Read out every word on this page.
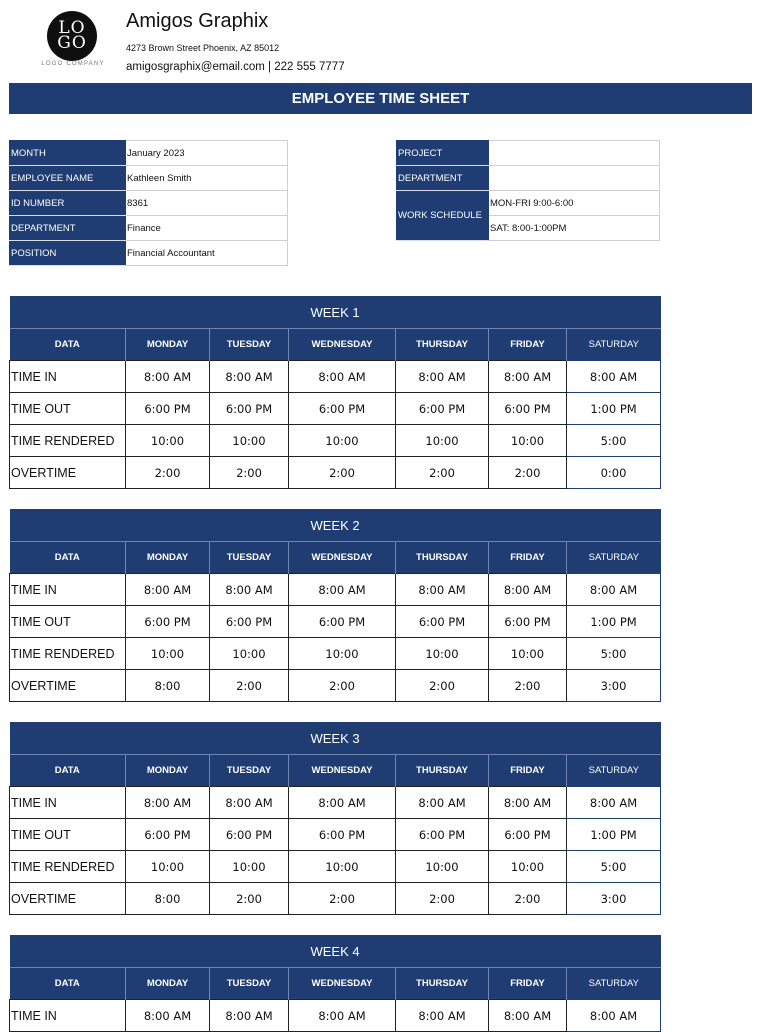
LO
GO
LOGO COMPANY
Amigos Graphix
4273 Brown Street Phoenix, AZ 85012
amigosgraphix@email.com | 222 555 7777
EMPLOYEE TIME SHEET
MONTH	January 2023
EMPLOYEE NAME	Kathleen Smith
ID NUMBER	8361
DEPARTMENT	Finance
POSITION	Financial Accountant
PROJECT	
DEPARTMENT	
WORK SCHEDULE	MON-FRI 9:00-6:00
	SAT: 8:00-1:00PM
WEEK 1						
DATA	MONDAY	TUESDAY	WEDNESDAY	THURSDAY	FRIDAY	SATURDAY
TIME IN	8:00 AM	8:00 AM	8:00 AM	8:00 AM	8:00 AM	8:00 AM
TIME OUT	6:00 PM	6:00 PM	6:00 PM	6:00 PM	6:00 PM	1:00 PM
TIME RENDERED	10:00	10:00	10:00	10:00	10:00	5:00
OVERTIME	2:00	2:00	2:00	2:00	2:00	0:00
WEEK 2						
DATA	MONDAY	TUESDAY	WEDNESDAY	THURSDAY	FRIDAY	SATURDAY
TIME IN	8:00 AM	8:00 AM	8:00 AM	8:00 AM	8:00 AM	8:00 AM
TIME OUT	6:00 PM	6:00 PM	6:00 PM	6:00 PM	6:00 PM	1:00 PM
TIME RENDERED	10:00	10:00	10:00	10:00	10:00	5:00
OVERTIME	8:00	2:00	2:00	2:00	2:00	3:00
WEEK 3						
DATA	MONDAY	TUESDAY	WEDNESDAY	THURSDAY	FRIDAY	SATURDAY
TIME IN	8:00 AM	8:00 AM	8:00 AM	8:00 AM	8:00 AM	8:00 AM
TIME OUT	6:00 PM	6:00 PM	6:00 PM	6:00 PM	6:00 PM	1:00 PM
TIME RENDERED	10:00	10:00	10:00	10:00	10:00	5:00
OVERTIME	8:00	2:00	2:00	2:00	2:00	3:00
WEEK 4						
DATA	MONDAY	TUESDAY	WEDNESDAY	THURSDAY	FRIDAY	SATURDAY
TIME IN	8:00 AM	8:00 AM	8:00 AM	8:00 AM	8:00 AM	8:00 AM
